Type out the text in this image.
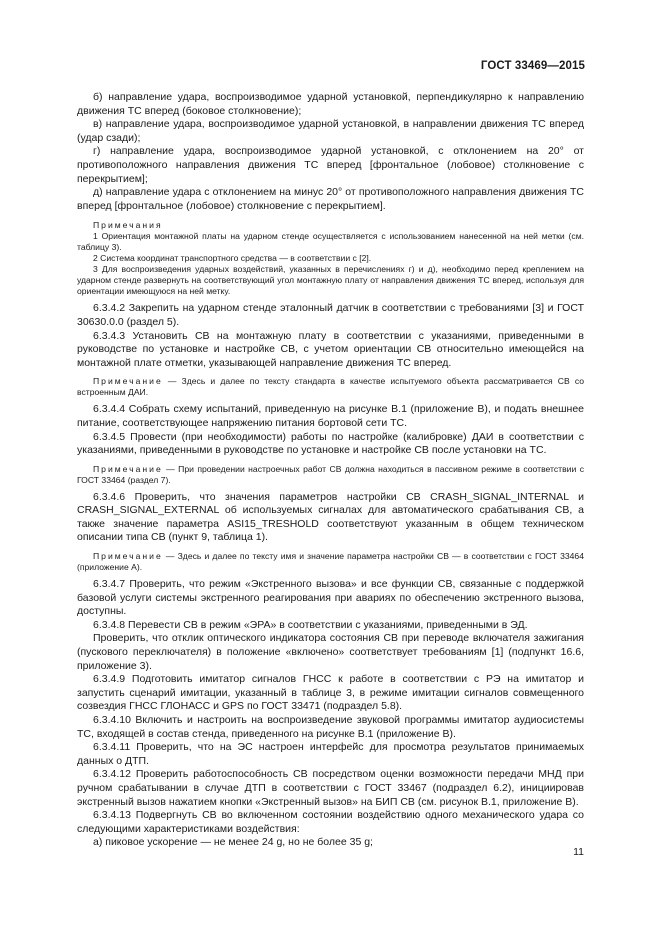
ГОСТ 33469—2015

б) направление удара, воспроизводимое ударной установкой, перпендикулярно к направлению движения ТС вперед (боковое столкновение);

в) направление удара, воспроизводимое ударной установкой, в направлении движения ТС вперед (удар сзади);

г) направление удара, воспроизводимое ударной установкой, с отклонением на 20° от противоположного направления движения ТС вперед [фронтальное (лобовое) столкновение с перекрытием];

д) направление удара с отклонением на минус 20° от противоположного направления движения ТС вперед [фронтальное (лобовое) столкновение с перекрытием].

Примечания

1 Ориентация монтажной платы на ударном стенде осуществляется с использованием нанесенной на ней метки (см. таблицу 3).

2 Система координат транспортного средства — в соответствии с [2].

3 Для воспроизведения ударных воздействий, указанных в перечислениях г) и д), необходимо перед креплением на ударном стенде развернуть на соответствующий угол монтажную плату от направления движения ТС вперед, используя для ориентации имеющуюся на ней метку.

6.3.4.2 Закрепить на ударном стенде эталонный датчик в соответствии с требованиями [3] и ГОСТ 30630.0.0 (раздел 5).

6.3.4.3 Установить СВ на монтажную плату в соответствии с указаниями, приведенными в руководстве по установке и настройке СВ, с учетом ориентации СВ относительно имеющейся на монтажной плате отметки, указывающей направление движения ТС вперед.

Примечание — Здесь и далее по тексту стандарта в качестве испытуемого объекта рассматривается СВ со встроенным ДАИ.

6.3.4.4 Собрать схему испытаний, приведенную на рисунке В.1 (приложение В), и подать внешнее питание, соответствующее напряжению питания бортовой сети ТС.

6.3.4.5 Провести (при необходимости) работы по настройке (калибровке) ДАИ в соответствии с указаниями, приведенными в руководстве по установке и настройке СВ после установки на ТС.

Примечание — При проведении настроечных работ СВ должна находиться в пассивном режиме в соответствии с ГОСТ 33464 (раздел 7).

6.3.4.6 Проверить, что значения параметров настройки СВ CRASH_SIGNAL_INTERNAL и CRASH_SIGNAL_EXTERNAL об используемых сигналах для автоматического срабатывания СВ, а также значение параметра ASI15_TRESHOLD соответствуют указанным в общем техническом описании типа СВ (пункт 9, таблица 1).

Примечание — Здесь и далее по тексту имя и значение параметра настройки СВ — в соответствии с ГОСТ 33464 (приложение А).

6.3.4.7 Проверить, что режим «Экстренного вызова» и все функции СВ, связанные с поддержкой базовой услуги системы экстренного реагирования при авариях по обеспечению экстренного вызова, доступны.

6.3.4.8 Перевести СВ в режим «ЭРА» в соответствии с указаниями, приведенными в ЭД.

Проверить, что отклик оптического индикатора состояния СВ при переводе включателя зажигания (пускового переключателя) в положение «включено» соответствует требованиям [1] (подпункт 16.6, приложение 3).

6.3.4.9 Подготовить имитатор сигналов ГНСС к работе в соответствии с РЭ на имитатор и запустить сценарий имитации, указанный в таблице 3, в режиме имитации сигналов совмещенного созвездия ГНСС ГЛОНАСС и GPS по ГОСТ 33471 (подраздел 5.8).

6.3.4.10 Включить и настроить на воспроизведение звуковой программы имитатор аудиосистемы ТС, входящей в состав стенда, приведенного на рисунке В.1 (приложение В).

6.3.4.11 Проверить, что на ЭС настроен интерфейс для просмотра результатов принимаемых данных о ДТП.

6.3.4.12 Проверить работоспособность СВ посредством оценки возможности передачи МНД при ручном срабатывании в случае ДТП в соответствии с ГОСТ 33467 (подраздел 6.2), инициировав экстренный вызов нажатием кнопки «Экстренный вызов» на БИП СВ (см. рисунок В.1, приложение В).

6.3.4.13 Подвергнуть СВ во включенном состоянии воздействию одного механического удара со следующими характеристиками воздействия:

а) пиковое ускорение — не менее 24 g, но не более 35 g;

11
